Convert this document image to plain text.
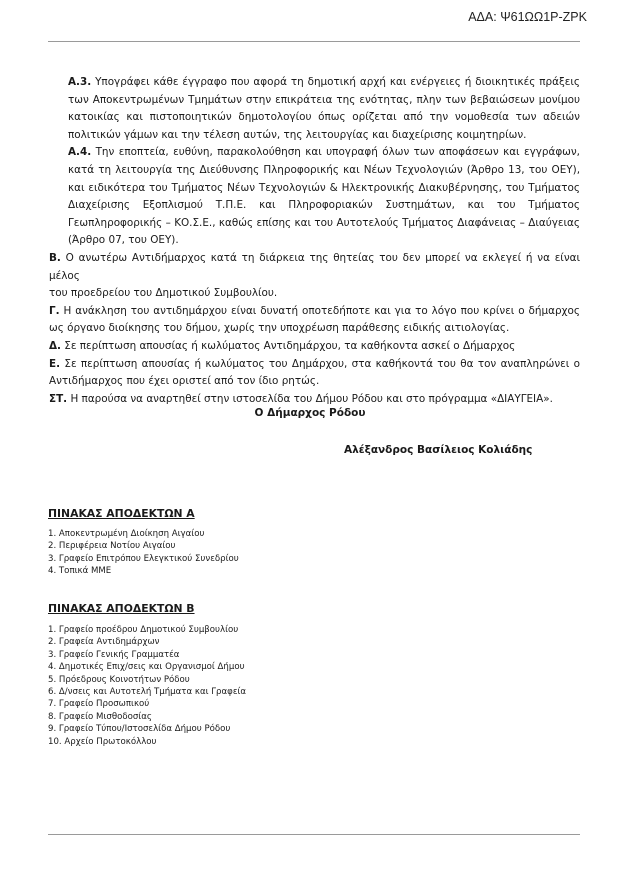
ΑΔΑ: Ψ61ΩΩ1Ρ-ΖΡΚ
Α.3. Υπογράφει κάθε έγγραφο που αφορά τη δημοτική αρχή και ενέργειες ή διοικητικές πράξεις
των Αποκεντρωμένων Τμημάτων στην επικράτεια της ενότητας, πλην των βεβαιώσεων μονίμου
κατοικίας και πιστοποιητικών δημοτολογίου όπως ορίζεται από την νομοθεσία των αδειών
πολιτικών γάμων και την τέλεση αυτών, της λειτουργίας και διαχείρισης κοιμητηρίων.
Α.4. Την εποπτεία, ευθύνη, παρακολούθηση και υπογραφή όλων των αποφάσεων και εγγράφων,
κατά τη λειτουργία της Διεύθυνσης Πληροφορικής και Νέων Τεχνολογιών (Άρθρο 13, του ΟΕΥ),
και ειδικότερα του Τμήματος Νέων Τεχνολογιών & Ηλεκτρονικής Διακυβέρνησης, του Τμήματος
Διαχείρισης Εξοπλισμού Τ.Π.Ε. και Πληροφοριακών Συστημάτων, και του Τμήματος
Γεωπληροφορικής – ΚΟ.Σ.Ε., καθώς επίσης και του Αυτοτελούς Τμήματος Διαφάνειας – Διαύγειας
(Άρθρο 07, του ΟΕΥ).
Β. Ο ανωτέρω Αντιδήμαρχος κατά τη διάρκεια της θητείας του δεν μπορεί να εκλεγεί ή να είναι μέλος
του προεδρείου του Δημοτικού Συμβουλίου.
Γ. Η ανάκληση του αντιδημάρχου είναι δυνατή οποτεδήποτε και για το λόγο που κρίνει ο δήμαρχος
ως όργανο διοίκησης του δήμου, χωρίς την υποχρέωση παράθεσης ειδικής αιτιολογίας.
Δ. Σε περίπτωση απουσίας ή κωλύματος Αντιδημάρχου, τα καθήκοντα ασκεί ο Δήμαρχος
Ε. Σε περίπτωση απουσίας ή κωλύματος του Δημάρχου, στα καθήκοντά του θα τον αναπληρώνει ο
Αντιδήμαρχος που έχει οριστεί από τον ίδιο ρητώς.
ΣΤ. Η παρούσα να αναρτηθεί στην ιστοσελίδα του Δήμου Ρόδου και στο πρόγραμμα «ΔΙΑΥΓΕΙΑ».
Ο Δήμαρχος Ρόδου
Αλέξανδρος Βασίλειος Κολιάδης
ΠΙΝΑΚΑΣ ΑΠΟΔΕΚΤΩΝ Α
1. Αποκεντρωμένη Διοίκηση Αιγαίου
2. Περιφέρεια Νοτίου Αιγαίου
3. Γραφείο Επιτρόπου Ελεγκτικού Συνεδρίου
4. Τοπικά ΜΜΕ
ΠΙΝΑΚΑΣ ΑΠΟΔΕΚΤΩΝ Β
1. Γραφείο προέδρου Δημοτικού Συμβουλίου
2. Γραφεία Αντιδημάρχων
3. Γραφείο Γενικής Γραμματέα
4. Δημοτικές Επιχ/σεις και Οργανισμοί Δήμου
5. Πρόεδρους Κοινοτήτων Ρόδου
6. Δ/νσεις και Αυτοτελή Τμήματα και Γραφεία
7. Γραφείο Προσωπικού
8. Γραφείο Μισθοδοσίας
9. Γραφείο Τύπου/Ιστοσελίδα Δήμου Ρόδου
10. Αρχείο Πρωτοκόλλου
